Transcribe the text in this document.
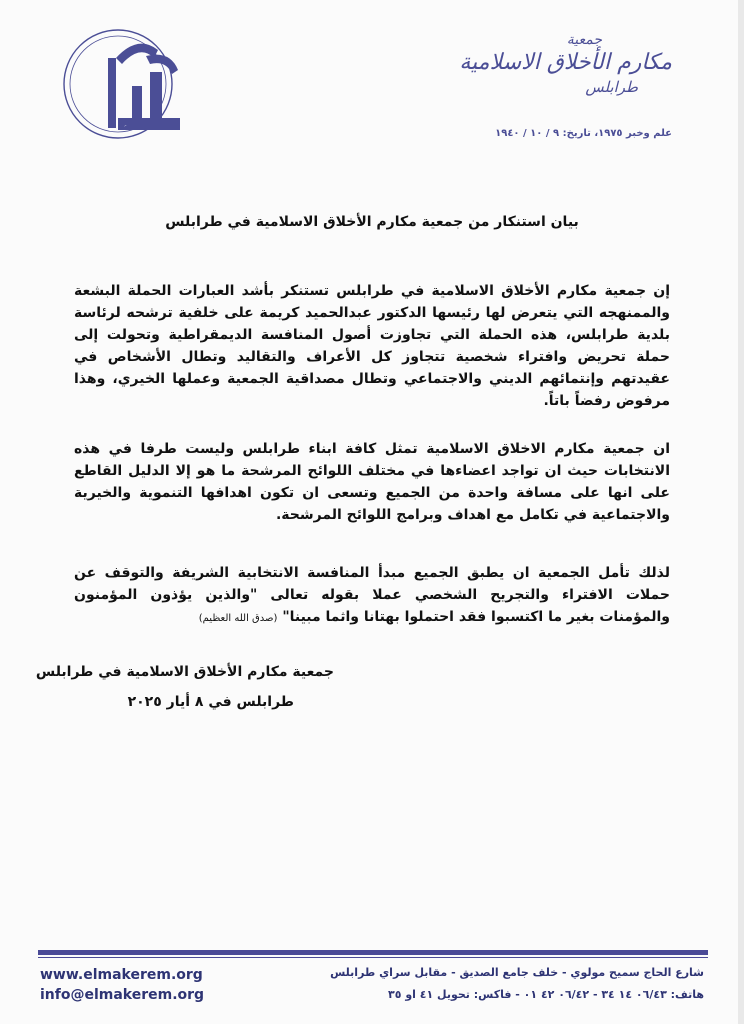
مكارم
جمعية
مكارم الأخلاق الاسلامية
طرابلس
علم وخبر ١٩٧٥، تاريخ: ٩ / ١٠ / ١٩٤٠
بيان استنكار من جمعية مكارم الأخلاق الاسلامية في طرابلس
إن جمعية مكارم الأخلاق الاسلامية في طرابلس تستنكر بأشد العبارات الحملة البشعة والممنهجه التي يتعرض لها رئيسها الدكتور عبدالحميد كريمة على خلفية ترشحه لرئاسة بلدية طرابلس، هذه الحملة التي تجاوزت أصول المنافسة الديمقراطية وتحولت إلى حملة تحريض وافتراء شخصية تتجاوز كل الأعراف والتقاليد وتطال الأشخاص في عقيدتهم وإنتمائهم الديني والاجتماعي وتطال مصداقية الجمعية وعملها الخيري، وهذا مرفوض رفضاً باتاً.
ان جمعية مكارم الاخلاق الاسلامية تمثل كافة ابناء طرابلس وليست طرفا في هذه الانتخابات حيث ان تواجد اعضاءها في مختلف اللوائح المرشحة ما هو إلا الدليل القاطع على انها على مسافة واحدة من الجميع وتسعى ان تكون اهدافها التنموية والخيرية والاجتماعية في تكامل مع اهداف وبرامج اللوائح المرشحة.
لذلك تأمل الجمعية ان يطبق الجميع مبدأ المنافسة الانتخابية الشريفة والتوقف عن حملات الافتراء والتجريح الشخصي عملا بقوله تعالى "والذين يؤذون المؤمنون والمؤمنات بغير ما اكتسبوا فقد احتملوا بهتانا واثما مبينا" (صدق الله العظيم)
جمعية مكارم الأخلاق الاسلامية في طرابلس
طرابلس في ٨ أيار ٢٠٢٥
www.elmakerem.org
info@elmakerem.org
شارع الحاج سميح مولوي - خلف جامع الصديق - مقابل سراي طرابلس
هاتف: ٠٦/٤٣ ١٤ ٣٤ - ٠٦/٤٢ ٤٢ ٠١ - فاكس: تحويل ٤١ او ٣٥
